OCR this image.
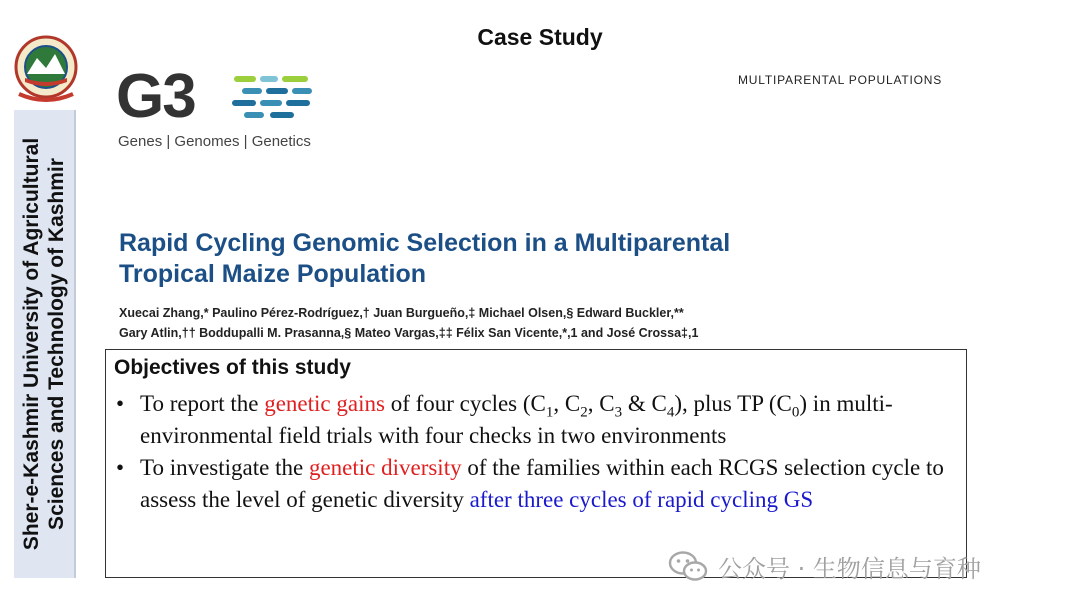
Sher-e-Kashmir University of Agricultural Sciences and Technology of Kashmir
Case Study
G3
Genes | Genomes | Genetics
MULTIPARENTAL POPULATIONS
Rapid Cycling Genomic Selection in a Multiparental
Tropical Maize Population
Xuecai Zhang,* Paulino Pérez-Rodríguez,† Juan Burgueño,‡ Michael Olsen,§ Edward Buckler,**
Gary Atlin,†† Boddupalli M. Prasanna,§ Mateo Vargas,‡‡ Félix San Vicente,*,1 and José Crossa‡,1
Objectives of this study
• To report the genetic gains of four cycles ($C_1$, $C_2$, $C_3$ & $C_4$), plus TP $(C_0)$ in multi-environmental field trials with four checks in two environments
• To investigate the genetic diversity of the families within each RCGS selection cycle to assess the level of genetic diversity after three cycles of rapid cycling GS
公众号 · 生物信息与育种
